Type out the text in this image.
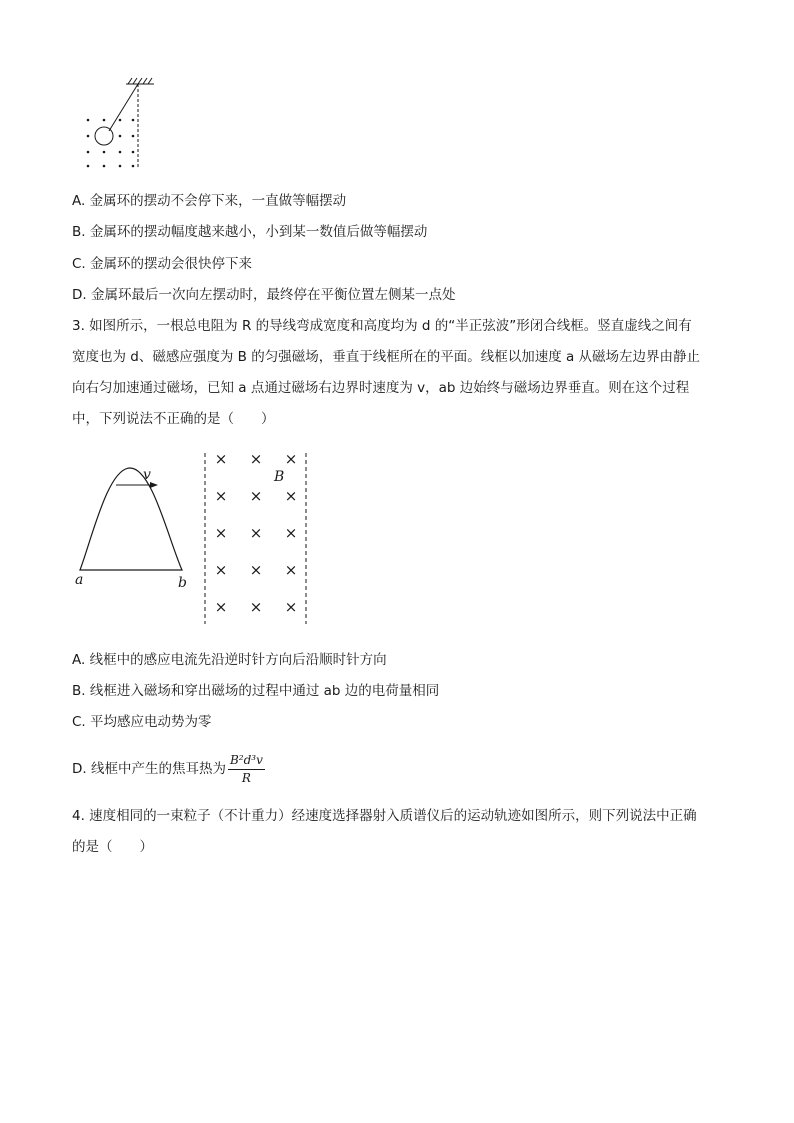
A. 金属环的摆动不会停下来，一直做等幅摆动
B. 金属环的摆动幅度越来越小，小到某一数值后做等幅摆动
C. 金属环的摆动会很快停下来
D. 金属环最后一次向左摆动时，最终停在平衡位置左侧某一点处
3. 如图所示，一根总电阻为 R 的导线弯成宽度和高度均为 d 的“半正弦波”形闭合线框。竖直虚线之间有
宽度也为 d、磁感应强度为 B 的匀强磁场，垂直于线框所在的平面。线框以加速度 a 从磁场左边界由静止
向右匀加速通过磁场，已知 a 点通过磁场右边界时速度为 v，ab 边始终与磁场边界垂直。则在这个过程
中，下列说法不正确的是（　　）
v
a	b
B
× × ×
× × ×
× × ×
× × ×
× × ×
A. 线框中的感应电流先沿逆时针方向后沿顺时针方向
B. 线框进入磁场和穿出磁场的过程中通过 ab 边的电荷量相同
C. 平均感应电动势为零
D. 线框中产生的焦耳热为 $\frac{\text{B²d³v}}{R}$
4. 速度相同的一束粒子（不计重力）经速度选择器射入质谱仪后的运动轨迹如图所示，则下列说法中正确
的是（　　）
